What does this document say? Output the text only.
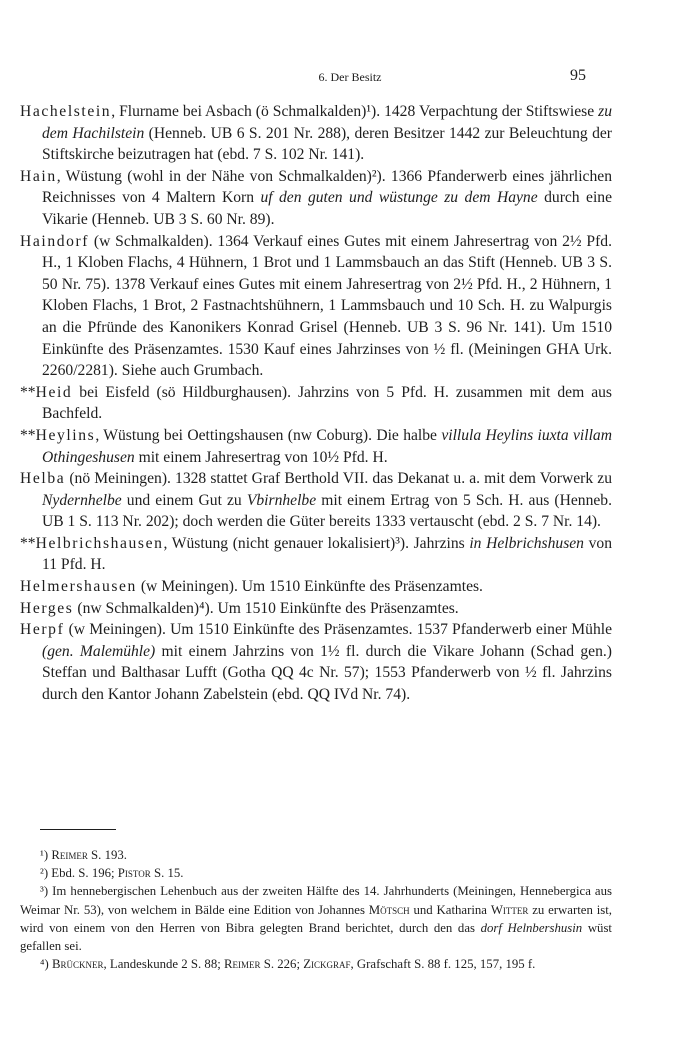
6. Der Besitz	95

Hachelstein, Flurname bei Asbach (ö Schmalkalden)¹). 1428 Verpachtung der Stiftswiese zu dem Hachilstein (Henneb. UB 6 S. 201 Nr. 288), deren Besitzer 1442 zur Beleuchtung der Stiftskirche beizutragen hat (ebd. 7 S. 102 Nr. 141).

Hain, Wüstung (wohl in der Nähe von Schmalkalden)²). 1366 Pfanderwerb eines jährlichen Reichnisses von 4 Maltern Korn uf den guten und wüstunge zu dem Hayne durch eine Vikarie (Henneb. UB 3 S. 60 Nr. 89).

Haindorf (w Schmalkalden). 1364 Verkauf eines Gutes mit einem Jahresertrag von 2½ Pfd. H., 1 Kloben Flachs, 4 Hühnern, 1 Brot und 1 Lammsbauch an das Stift (Henneb. UB 3 S. 50 Nr. 75). 1378 Verkauf eines Gutes mit einem Jahresertrag von 2½ Pfd. H., 2 Hühnern, 1 Kloben Flachs, 1 Brot, 2 Fastnachtshühnern, 1 Lammsbauch und 10 Sch. H. zu Walpurgis an die Pfründe des Kanonikers Konrad Grisel (Henneb. UB 3 S. 96 Nr. 141). Um 1510 Einkünfte des Präsenzamtes. 1530 Kauf eines Jahrzinses von ½ fl. (Meiningen GHA Urk. 2260/2281). Siehe auch Grumbach.

**Heid bei Eisfeld (sö Hildburghausen). Jahrzins von 5 Pfd. H. zusammen mit dem aus Bachfeld.

**Heylins, Wüstung bei Oettingshausen (nw Coburg). Die halbe villula Heylins iuxta villam Othingeshusen mit einem Jahresertrag von 10½ Pfd. H.

Helba (nö Meiningen). 1328 stattet Graf Berthold VII. das Dekanat u. a. mit dem Vorwerk zu Nydernhelbe und einem Gut zu Vbirnhelbe mit einem Ertrag von 5 Sch. H. aus (Henneb. UB 1 S. 113 Nr. 202); doch werden die Güter bereits 1333 vertauscht (ebd. 2 S. 7 Nr. 14).

**Helbrichshausen, Wüstung (nicht genauer lokalisiert)³). Jahrzins in Helbrichshusen von 11 Pfd. H.

Helmershausen (w Meiningen). Um 1510 Einkünfte des Präsenzamtes.

Herges (nw Schmalkalden)⁴). Um 1510 Einkünfte des Präsenzamtes.

Herpf (w Meiningen). Um 1510 Einkünfte des Präsenzamtes. 1537 Pfanderwerb einer Mühle (gen. Malemühle) mit einem Jahrzins von 1½ fl. durch die Vikare Johann (Schad gen.) Steffan und Balthasar Lufft (Gotha QQ 4c Nr. 57); 1553 Pfanderwerb von ½ fl. Jahrzins durch den Kantor Johann Zabelstein (ebd. QQ IVd Nr. 74).

¹) Reimer S. 193.

²) Ebd. S. 196; Pistor S. 15.

³) Im hennebergischen Lehenbuch aus der zweiten Hälfte des 14. Jahrhunderts (Meiningen, Hennebergica aus Weimar Nr. 53), von welchem in Bälde eine Edition von Johannes Mötsch und Katharina Witter zu erwarten ist, wird von einem von den Herren von Bibra gelegten Brand berichtet, durch den das dorf Helnbershusin wüst gefallen sei.

⁴) Brückner, Landeskunde 2 S. 88; Reimer S. 226; Zickgraf, Grafschaft S. 88 f. 125, 157, 195 f.
